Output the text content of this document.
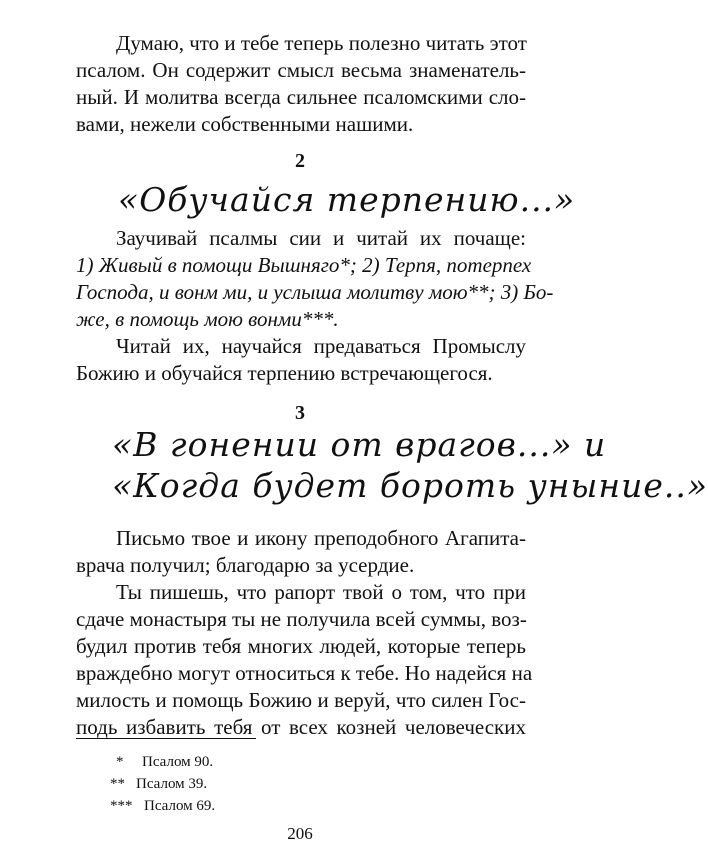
Думаю, что и тебе теперь полезно читать этот
псалом. Он содержит смысл весьма знаменатель-
ный. И молитва всегда сильнее псаломскими сло-
вами, нежели собственными нашими.
2
«Обучайся терпению...»
Заучивай псалмы сии и читай их почаще:
1) Живый в помощи Вышняго*; 2) Терпя, потерпех
Господа, и вонм ми, и услыша молитву мою**; 3) Бо-
же, в помощь мою вонми***.
Читай их, научайся предаваться Промыслу
Божию и обучайся терпению встречающегося.
3
«В гонении от врагов...» и
«Когда будет бороть уныние..»
Письмо твое и икону преподобного Агапита-
врача получил; благодарю за усердие.
Ты пишешь, что рапорт твой о том, что при
сдаче монастыря ты не получила всей суммы, воз-
будил против тебя многих людей, которые теперь
враждебно могут относиться к тебе. Но надейся на
милость и помощь Божию и веруй, что силен Гос-
подь избавить тебя от всех козней человеческих
* Псалом 90.
** Псалом 39.
*** Псалом 69.
206
